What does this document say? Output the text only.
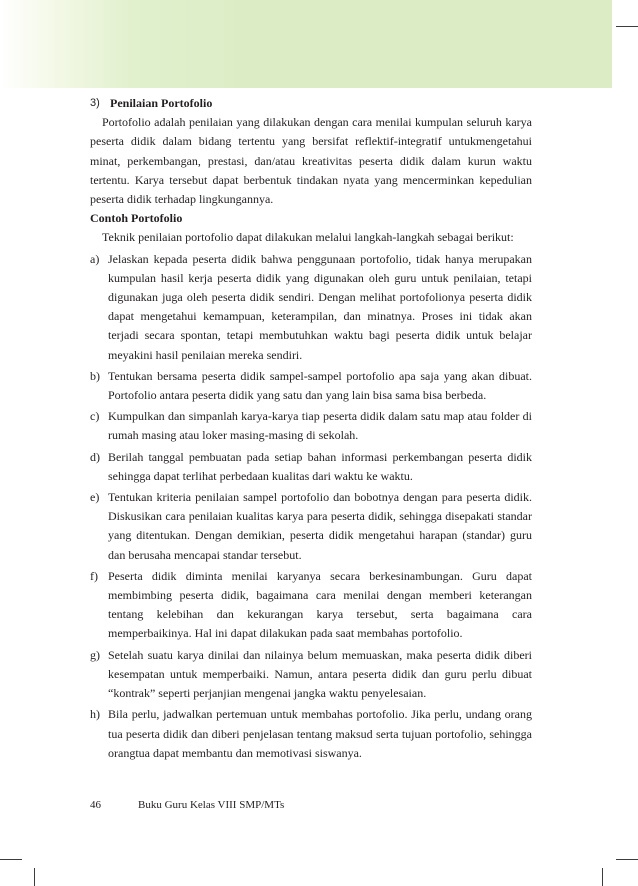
3) Penilaian Portofolio

Portofolio adalah penilaian yang dilakukan dengan cara menilai kumpulan seluruh karya peserta didik dalam bidang tertentu yang bersifat reflektif-integratif untukmengetahui minat, perkembangan, prestasi, dan/atau kreativitas peserta didik dalam kurun waktu tertentu. Karya tersebut dapat berbentuk tindakan nyata yang mencerminkan kepedulian peserta didik terhadap lingkungannya.

Contoh Portofolio

Teknik penilaian portofolio dapat dilakukan melalui langkah-langkah sebagai berikut:

a) Jelaskan kepada peserta didik bahwa penggunaan portofolio, tidak hanya merupakan kumpulan hasil kerja peserta didik yang digunakan oleh guru untuk penilaian, tetapi digunakan juga oleh peserta didik sendiri. Dengan melihat portofolionya peserta didik dapat mengetahui kemampuan, keterampilan, dan minatnya. Proses ini tidak akan terjadi secara spontan, tetapi membutuhkan waktu bagi peserta didik untuk belajar meyakini hasil penilaian mereka sendiri.
b) Tentukan bersama peserta didik sampel-sampel portofolio apa saja yang akan dibuat. Portofolio antara peserta didik yang satu dan yang lain bisa sama bisa berbeda.
c) Kumpulkan dan simpanlah karya-karya tiap peserta didik dalam satu map atau folder di rumah masing atau loker masing-masing di sekolah.
d) Berilah tanggal pembuatan pada setiap bahan informasi perkembangan peserta didik sehingga dapat terlihat perbedaan kualitas dari waktu ke waktu.
e) Tentukan kriteria penilaian sampel portofolio dan bobotnya dengan para peserta didik. Diskusikan cara penilaian kualitas karya para peserta didik, sehingga disepakati standar yang ditentukan. Dengan demikian, peserta didik mengetahui harapan (standar) guru dan berusaha mencapai standar tersebut.
f) Peserta didik diminta menilai karyanya secara berkesinambungan. Guru dapat membimbing peserta didik, bagaimana cara menilai dengan memberi keterangan tentang kelebihan dan kekurangan karya tersebut, serta bagaimana cara memperbaikinya. Hal ini dapat dilakukan pada saat membahas portofolio.
g) Setelah suatu karya dinilai dan nilainya belum memuaskan, maka peserta didik diberi kesempatan untuk memperbaiki. Namun, antara peserta didik dan guru perlu dibuat “kontrak” seperti perjanjian mengenai jangka waktu penyelesaian.
h) Bila perlu, jadwalkan pertemuan untuk membahas portofolio. Jika perlu, undang orang tua peserta didik dan diberi penjelasan tentang maksud serta tujuan portofolio, sehingga orangtua dapat membantu dan memotivasi siswanya.
46	Buku Guru Kelas VIII SMP/MTs
